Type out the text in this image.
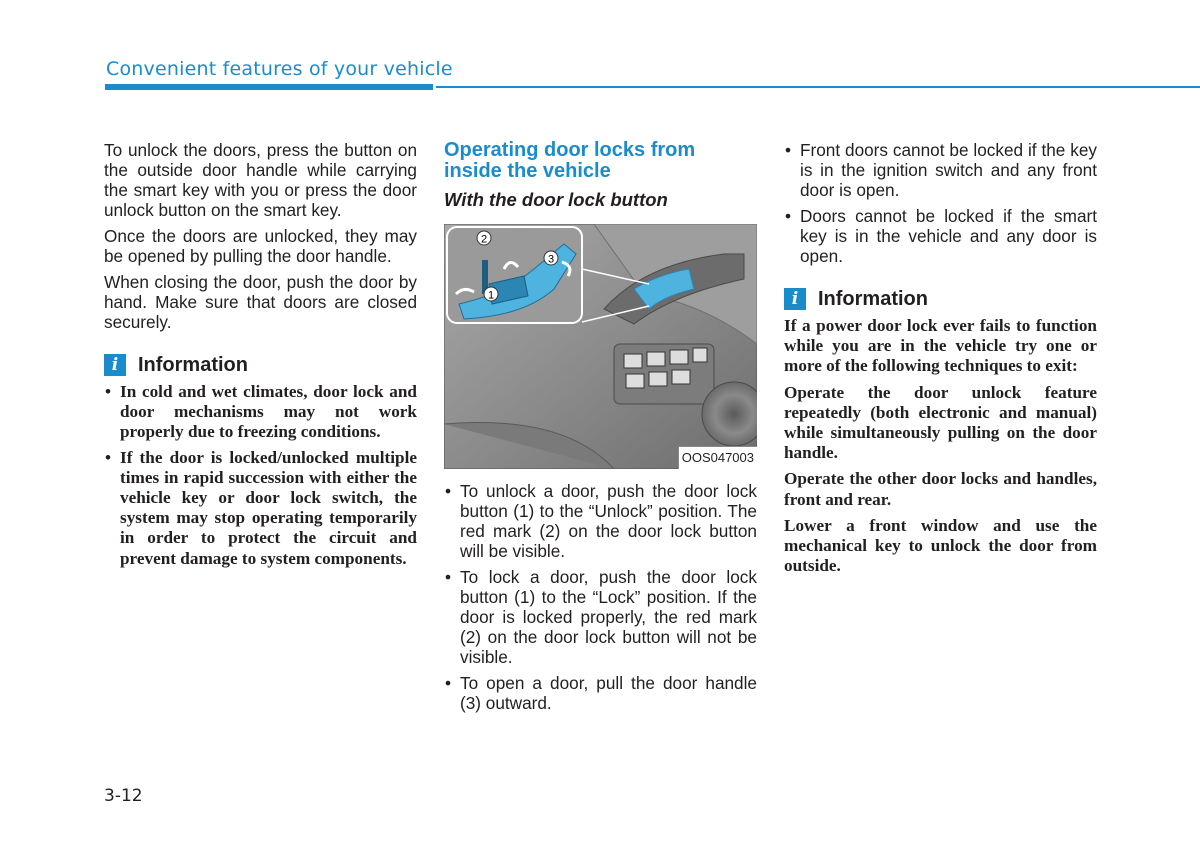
Convenient features of your vehicle

To unlock the doors, press the button on the outside door handle while carrying the smart key with you or press the door unlock button on the smart key.

Once the doors are unlocked, they may be opened by pulling the door handle.

When closing the door, push the door by hand. Make sure that doors are closed securely.

i Information
• In cold and wet climates, door lock and door mechanisms may not work properly due to freezing conditions.
• If the door is locked/unlocked multiple times in rapid succession with either the vehicle key or door lock switch, the system may stop operating temporarily in order to protect the circuit and prevent damage to system components.
Operating door locks from inside the vehicle
With the door lock button
2
1
3
OOS047003
• To unlock a door, push the door lock button (1) to the “Unlock” position. The red mark (2) on the door lock button will be visible.
• To lock a door, push the door lock button (1) to the “Lock” position. If the door is locked properly, the red mark (2) on the door lock button will not be visible.
• To open a door, pull the door handle (3) outward.
• Front doors cannot be locked if the key is in the ignition switch and any front door is open.
• Doors cannot be locked if the smart key is in the vehicle and any door is open.
i Information

If a power door lock ever fails to function while you are in the vehicle try one or more of the following techniques to exit:

Operate the door unlock feature repeatedly (both electronic and manual) while simultaneously pulling on the door handle.

Operate the other door locks and handles, front and rear.

Lower a front window and use the mechanical key to unlock the door from outside.

3-12
